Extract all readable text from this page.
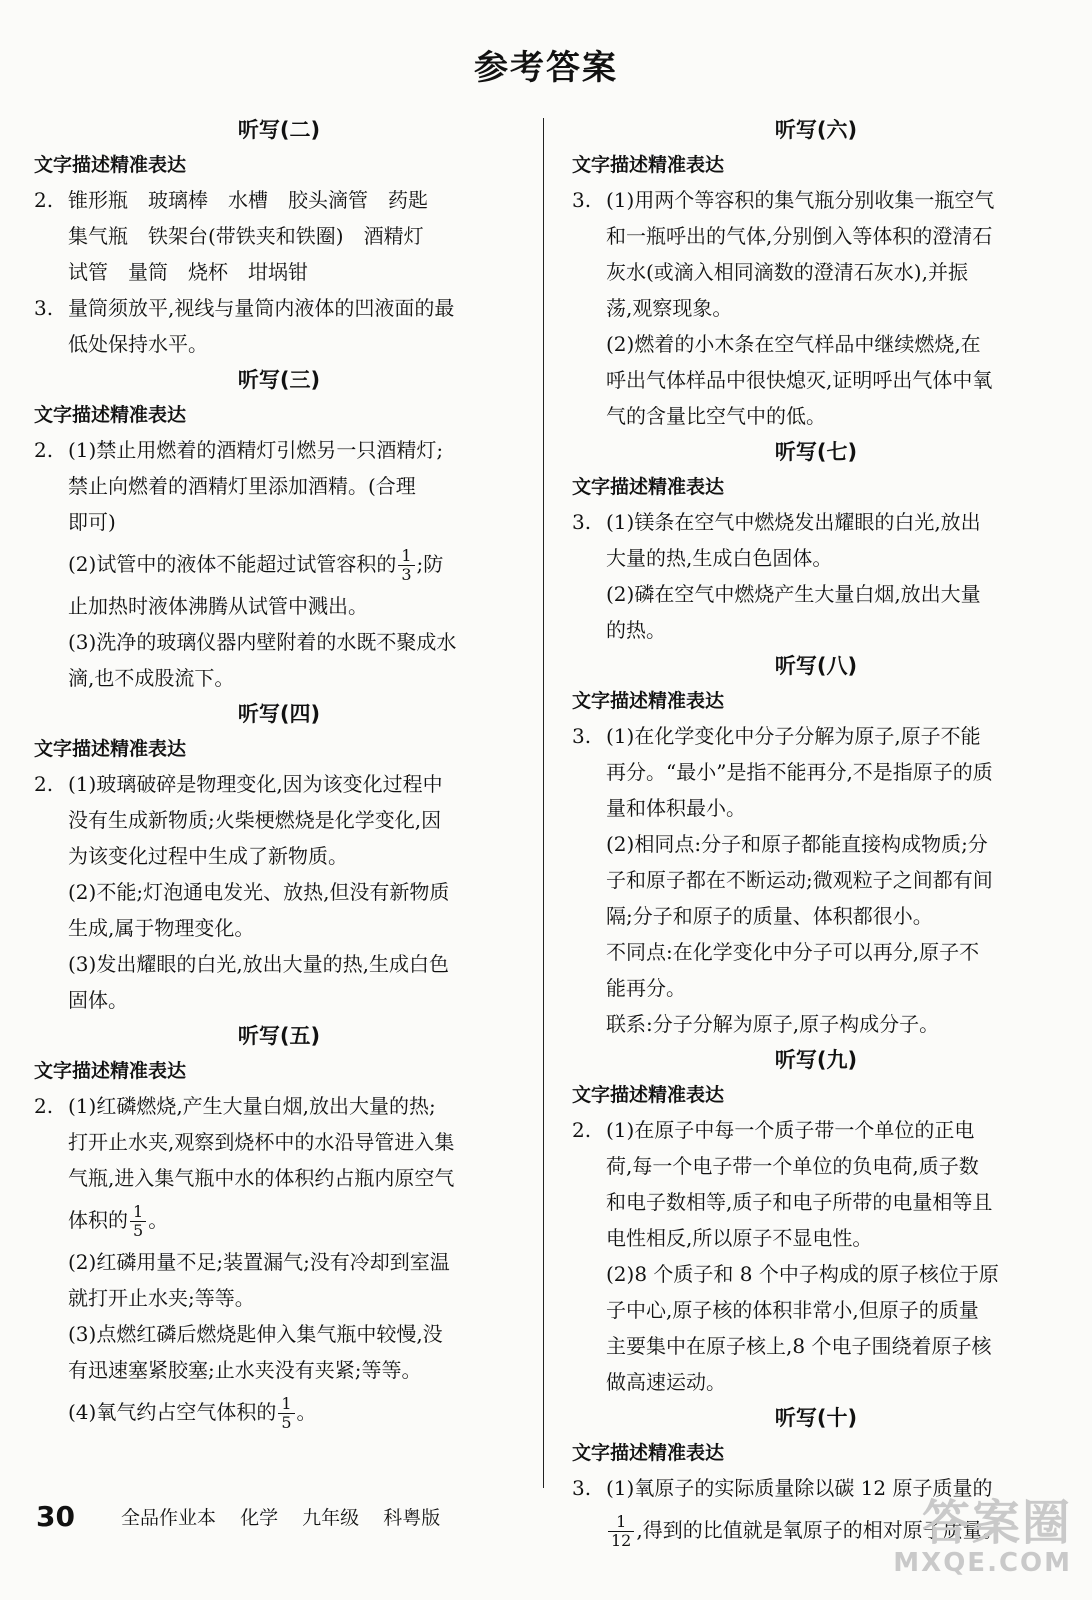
参考答案
听写(二)
文字描述精准表达
2. 锥形瓶　玻璃棒　水槽　胶头滴管　药匙
集气瓶　铁架台(带铁夹和铁圈)　酒精灯
试管　量筒　烧杯　坩埚钳
3. 量筒须放平,视线与量筒内液体的凹液面的最
低处保持水平。
听写(三)
文字描述精准表达
2. (1)禁止用燃着的酒精灯引燃另一只酒精灯;
禁止向燃着的酒精灯里添加酒精。(合理
即可)
(2)试管中的液体不能超过试管容积的 $\frac{1}{3}$ ;防
止加热时液体沸腾从试管中溅出。
(3)洗净的玻璃仪器内壁附着的水既不聚成水
滴,也不成股流下。
听写(四)
文字描述精准表达
2. (1)玻璃破碎是物理变化,因为该变化过程中
没有生成新物质;火柴梗燃烧是化学变化,因
为该变化过程中生成了新物质。
(2)不能;灯泡通电发光、放热,但没有新物质
生成,属于物理变化。
(3)发出耀眼的白光,放出大量的热,生成白色
固体。
听写(五)
文字描述精准表达
2. (1)红磷燃烧,产生大量白烟,放出大量的热;
打开止水夹,观察到烧杯中的水沿导管进入集
气瓶,进入集气瓶中水的体积约占瓶内原空气
体积的 $\frac{1}{5}$ 。
(2)红磷用量不足;装置漏气;没有冷却到室温
就打开止水夹;等等。
(3)点燃红磷后燃烧匙伸入集气瓶中较慢,没
有迅速塞紧胶塞;止水夹没有夹紧;等等。
(4)氧气约占空气体积的 $\frac{1}{5}$ 。
听写(六)
文字描述精准表达
3. (1)用两个等容积的集气瓶分别收集一瓶空气
和一瓶呼出的气体,分别倒入等体积的澄清石
灰水(或滴入相同滴数的澄清石灰水),并振
荡,观察现象。
(2)燃着的小木条在空气样品中继续燃烧,在
呼出气体样品中很快熄灭,证明呼出气体中氧
气的含量比空气中的低。
听写(七)
文字描述精准表达
3. (1)镁条在空气中燃烧发出耀眼的白光,放出
大量的热,生成白色固体。
(2)磷在空气中燃烧产生大量白烟,放出大量
的热。
听写(八)
文字描述精准表达
3. (1)在化学变化中分子分解为原子,原子不能
再分。“最小”是指不能再分,不是指原子的质
量和体积最小。
(2)相同点:分子和原子都能直接构成物质;分
子和原子都在不断运动;微观粒子之间都有间
隔;分子和原子的质量、体积都很小。
不同点:在化学变化中分子可以再分,原子不
能再分。
联系:分子分解为原子,原子构成分子。
听写(九)
文字描述精准表达
2. (1)在原子中每一个质子带一个单位的正电
荷,每一个电子带一个单位的负电荷,质子数
和电子数相等,质子和电子所带的电量相等且
电性相反,所以原子不显电性。
(2)8 个质子和 8 个中子构成的原子核位于原
子中心,原子核的体积非常小,但原子的质量
主要集中在原子核上,8 个电子围绕着原子核
做高速运动。
听写(十)
文字描述精准表达
3. (1)氧原子的实际质量除以碳 12 原子质量的
$\frac{1}{12}$ ,得到的比值就是氧原子的相对原子质量。
30 全品作业本 化学 九年级 科粤版	答案圈
MXQE.COM
